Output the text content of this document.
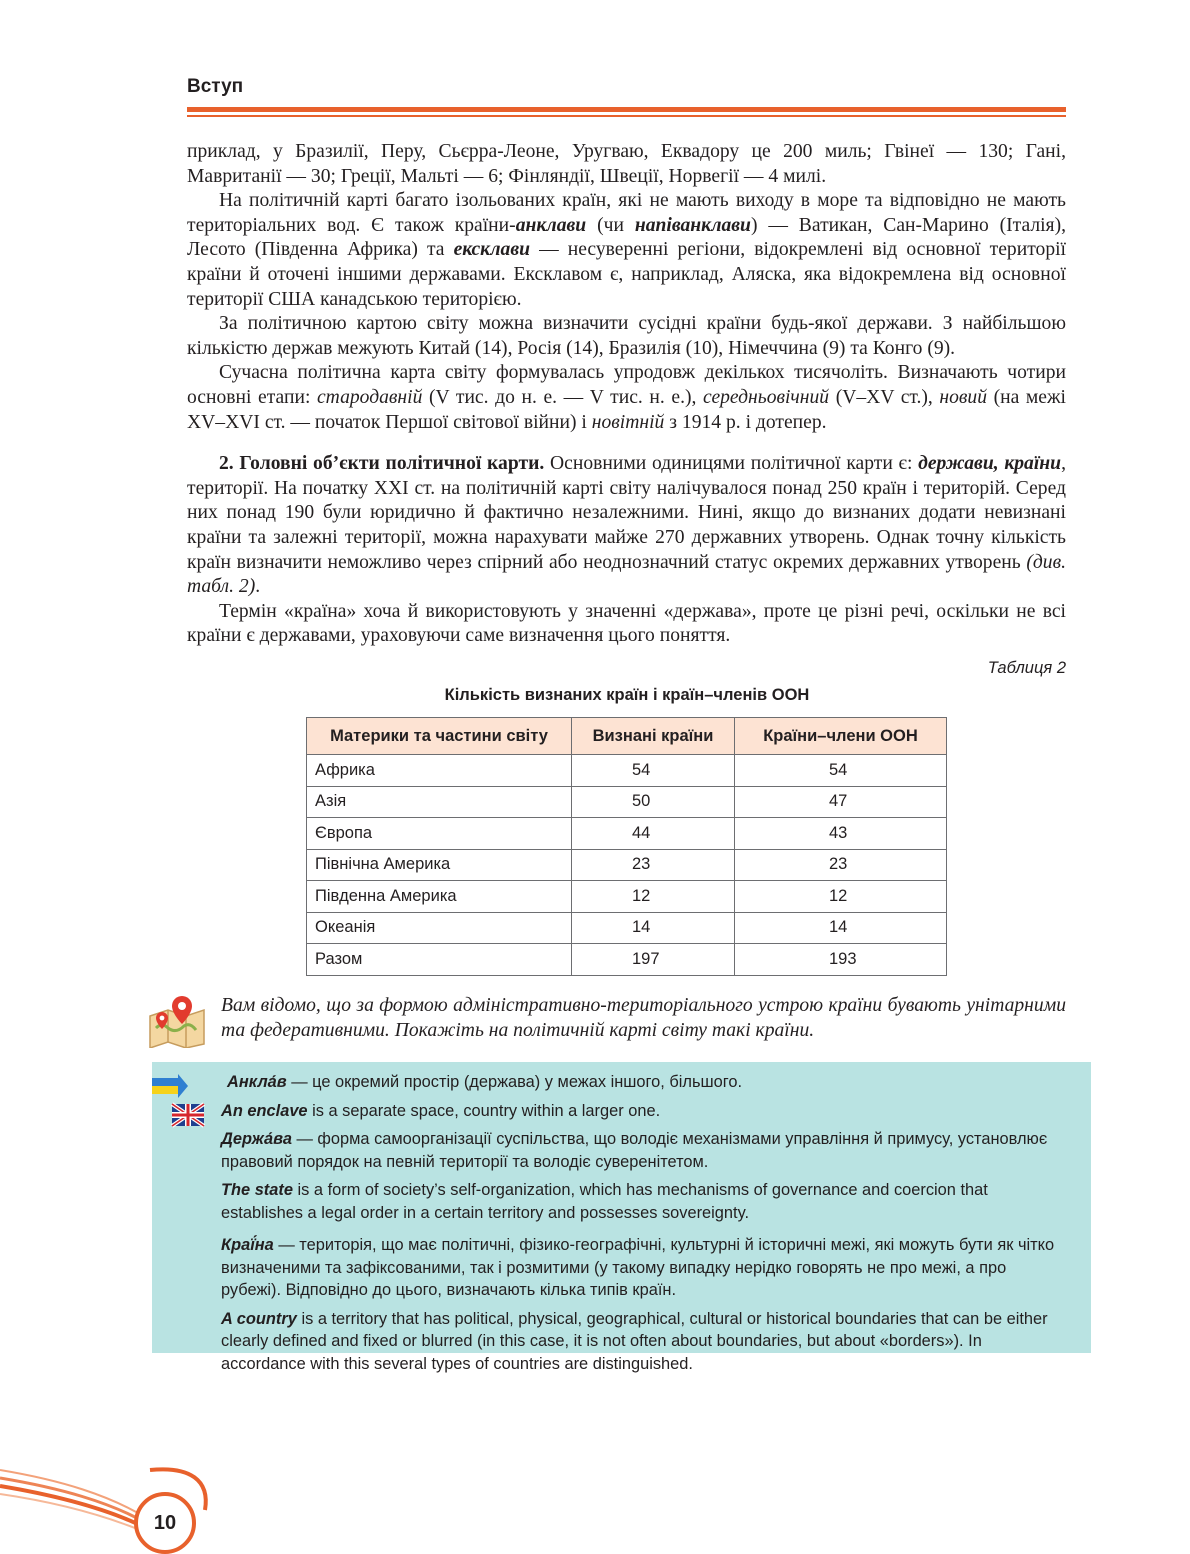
Вступ

приклад, у Бразилії, Перу, Сьєрра-Леоне, Уругваю, Еквадору це 200 миль; Гвінеї — 130; Гані, Мавританії — 30; Греції, Мальті — 6; Фінляндії, Швеції, Норвегії — 4 милі.

На політичній карті багато ізольованих країн, які не мають виходу в море та відповідно не мають територіальних вод. Є також країни-анклави (чи напіванклави) — Ватикан, Сан-Марино (Італія), Лесото (Південна Африка) та ексклави — несуверенні регіони, відокремлені від основної території країни й оточені іншими державами. Ексклавом є, наприклад, Аляска, яка відокремлена від основної території США канадською територією.

За політичною картою світу можна визначити сусідні країни будь-якої держави. З найбільшою кількістю держав межують Китай (14), Росія (14), Бразилія (10), Німеччина (9) та Конго (9).

Сучасна політична карта світу формувалась упродовж декількох тисячоліть. Визначають чотири основні етапи: стародавній (V тис. до н. е. — V тис. н. е.), середньовічний (V–XV ст.), новий (на межі XV–XVI ст. — початок Першої світової війни) і новітній з 1914 р. і дотепер.

2. Головні об’єкти політичної карти. Основними одиницями політичної карти є: держави, країни, території. На початку XXI ст. на політичній карті світу налічувалося понад 250 країн і територій. Серед них понад 190 були юридично й фактично незалежними. Нині, якщо до визнаних додати невизнані країни та залежні території, можна нарахувати майже 270 державних утворень. Однак точну кількість країн визначити неможливо через спірний або неоднозначний статус окремих державних утворень (див. табл. 2).

Термін «країна» хоча й використовують у значенні «держава», проте це різні речі, оскільки не всі країни є державами, ураховуючи саме визначення цього поняття.

Таблиця 2
Кількість визнаних країн і країн–членів ООН
Материки та частини світу	Визнані країни	Країни–члени ООН
Африка	54	54
Азія	50	47
Європа	44	43
Північна Америка	23	23
Південна Америка	12	12
Океанія	14	14
Разом	197	193
Вам відомо, що за формою адміністративно-територіального устрою країни бувають унітарними та федеративними. Покажіть на політичній карті світу такі країни.

Анкла́в — це окремий простір (держава) у межах іншого, більшого.

An enclave is a separate space, country within a larger one.

Держа́ва — форма самоорганізації суспільства, що володіє механізмами управління й примусу, установлює правовий порядок на певній території та володіє суверенітетом.

The state is a form of society’s self-organization, which has mechanisms of governance and coercion that establishes a legal order in a certain territory and possesses sovereignty.

Краї́на — територія, що має політичні, фізико-географічні, культурні й історичні межі, які можуть бути як чітко визначеними та зафіксованими, так і розмитими (у такому випадку нерідко говорять не про межі, а про рубежі). Відповідно до цього, визначають кілька типів країн.

A country is a territory that has political, physical, geographical, cultural or historical boundaries that can be either clearly defined and fixed or blurred (in this case, it is not often about boundaries, but about «borders»). In accordance with this several types of countries are distinguished.

10
